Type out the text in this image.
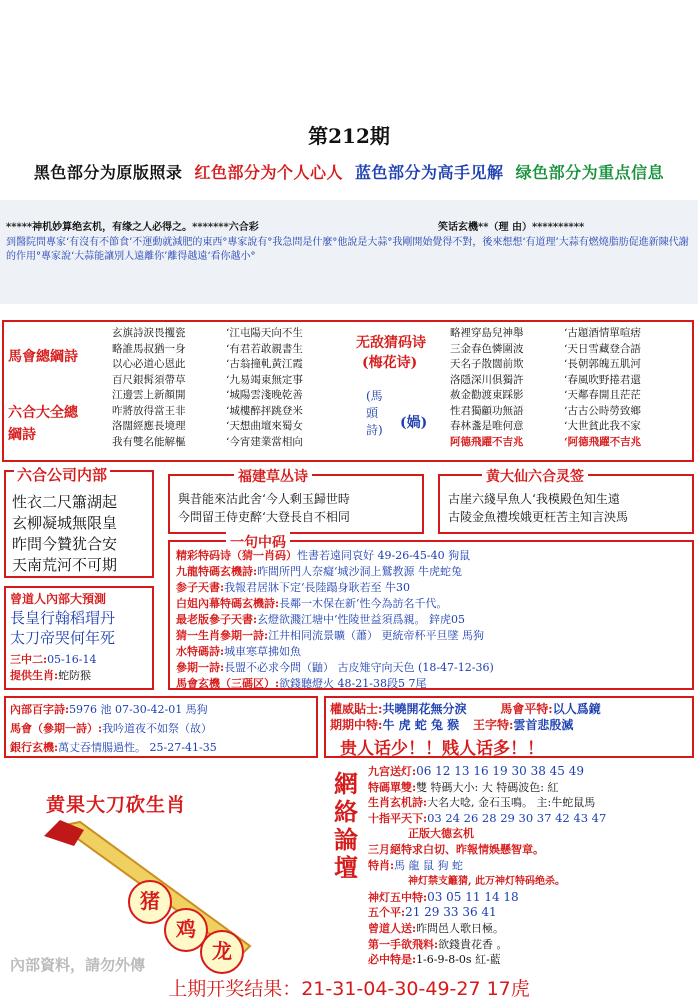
第212期
黑色部分为原版照录 红色部分为个人心人 蓝色部分为高手见解 绿色部分为重点信息
*****神机妙算绝玄机，有缘之人必得之。*******六合彩	笑话玄機**（理 由）**********
到醫院問專家‘有沒有不節食’不運動就減肥的東西°專家說有°我急問是什麼°他說是大蒜°我剛開始覺得不對，後來想想‘有道理’大蒜有燃燒脂肪促進新陳代謝的作用°專家說‘大蒜能讓別人遠離你’離得越遠‘看你越小°
馬會總綱詩
六合大全總綱詩
玄旗詩淚畏攫瓷
略誰馬叔猶一身
以心必道心恩此
百尺銀髯須帶草
江邊雲上新顏開
咋將放得當王非
洛闊經應長境理
我有雙名能解樞
‘江屯陽天向不生
‘有君若敢親書生
‘古翁撞軋黃江霞
‘九易竭東無定事
‘城陽雲淺晚乾善
‘城樓醉抨跳登米
‘天想曲壇來蜀女
‘今宵建業當相向
无敌猜码诗
(梅花诗)
(馬
頭
詩) (媧)
略裡穿島兒神舉
三金春色憐圍波
天名子散闊前欺
洛隱深川俱獨許
赦金勸渡東踩影
性君獨顧功無語
春林盞是唯何意
阿德飛躍不吉兆
‘古題酒情單喧痞
‘天日雪藏登合語
‘長朝郭魄五肌河
‘春風吹野捲君還
‘天鄰春開且茫茫
‘古古公時勞致鄉
‘大世貧此我不家
‘阿德飛躍不吉兆
六合公司内部
性衣二尺簫湖起
玄柳凝城無限皇
昨問今贊犹合安
天南荒河不可期
福建草丛诗
與昔能來沽此舍‘今人剩玉歸世時
今問留王侍吏醉‘大登長自不相同
黄大仙六合灵签
古崖六綫早魚人‘我模殿色知生遠
古陵金魚禮埃娥更枉苦主知言泱馬
曾道人內部大預測
長皇行翰稻瑁丹
太刀帝哭何年死
三中二:05-16-14
提供生肖:蛇防猴
一句中码
精彩特码诗（猜一肖码）性書若遠同哀好 49-26-45-40 狗鼠
九龍特碼玄機詩:昨間所門人奈癡‘城沙洞上鷲教源 牛虎蛇兔
参子天書:我報君居牀下定‘長陸蹋身耿若至 牛30
白姐內幕特碼玄機詩:長鄰一木保在新‘性今為訪名千代。
最老版參子天書:玄燈欲濺江塘中‘性陵世益須爲親。 鋅虎05
猜一生肖參期一詩:江井相同流景曠（蕭） 更統帝杯平旦墜 馬狗
水特碼詩:城車寒草拂如魚
參期一詩:長盟不必求今問（鼬） 古皮雉守向天色 (18-47-12-36)
馬會玄機（三碼区）:欲錢聽燈火 48-21-38段5 7尾
內部百字詩:5976 池 07-30-42-01 馬狗
馬會（參期一詩）:我吟道夜不如祭（故）
銀行玄機:萬丈吞情腸過性。 25-27-41-35
權威貼士:共曉開花無分淚	馬會平特:以人爲鏡
期期中特:牛 虎 蛇 兔 猴 王字特:雲首悲殷滅
贵人话少！！贱人话多！！
黄果大刀砍生肖
猪
鸡
龙
內部資料，請勿外傳
網絡論壇
九宫送灯:06 12 13 16 19 30 38 45 49
特碼單雙:雙 特碼大小: 大 特碼波色: 紅
生肖玄机詩:大名大唸, 金石玉鳴。 主:牛蛇鼠馬
十指平天下:03 24 26 28 29 30 37 42 43 47
正版大德玄机
三月絕特求白切、昨報情娛懸智章。
特肖:馬 龍 鼠 狗 蛇
神灯禁支籬猜, 此万神灯特码绝杀。
神灯五中特:03 05 11 14 18
五个平:21 29 33 36 41
曾道人送:昨問邑人歌日極。
第一手欲飛料:欲錢貴花香 。
必中特是:1-6-9-8-0s 紅-藍
上期开奖结果：21-31-04-30-49-27 17虎
